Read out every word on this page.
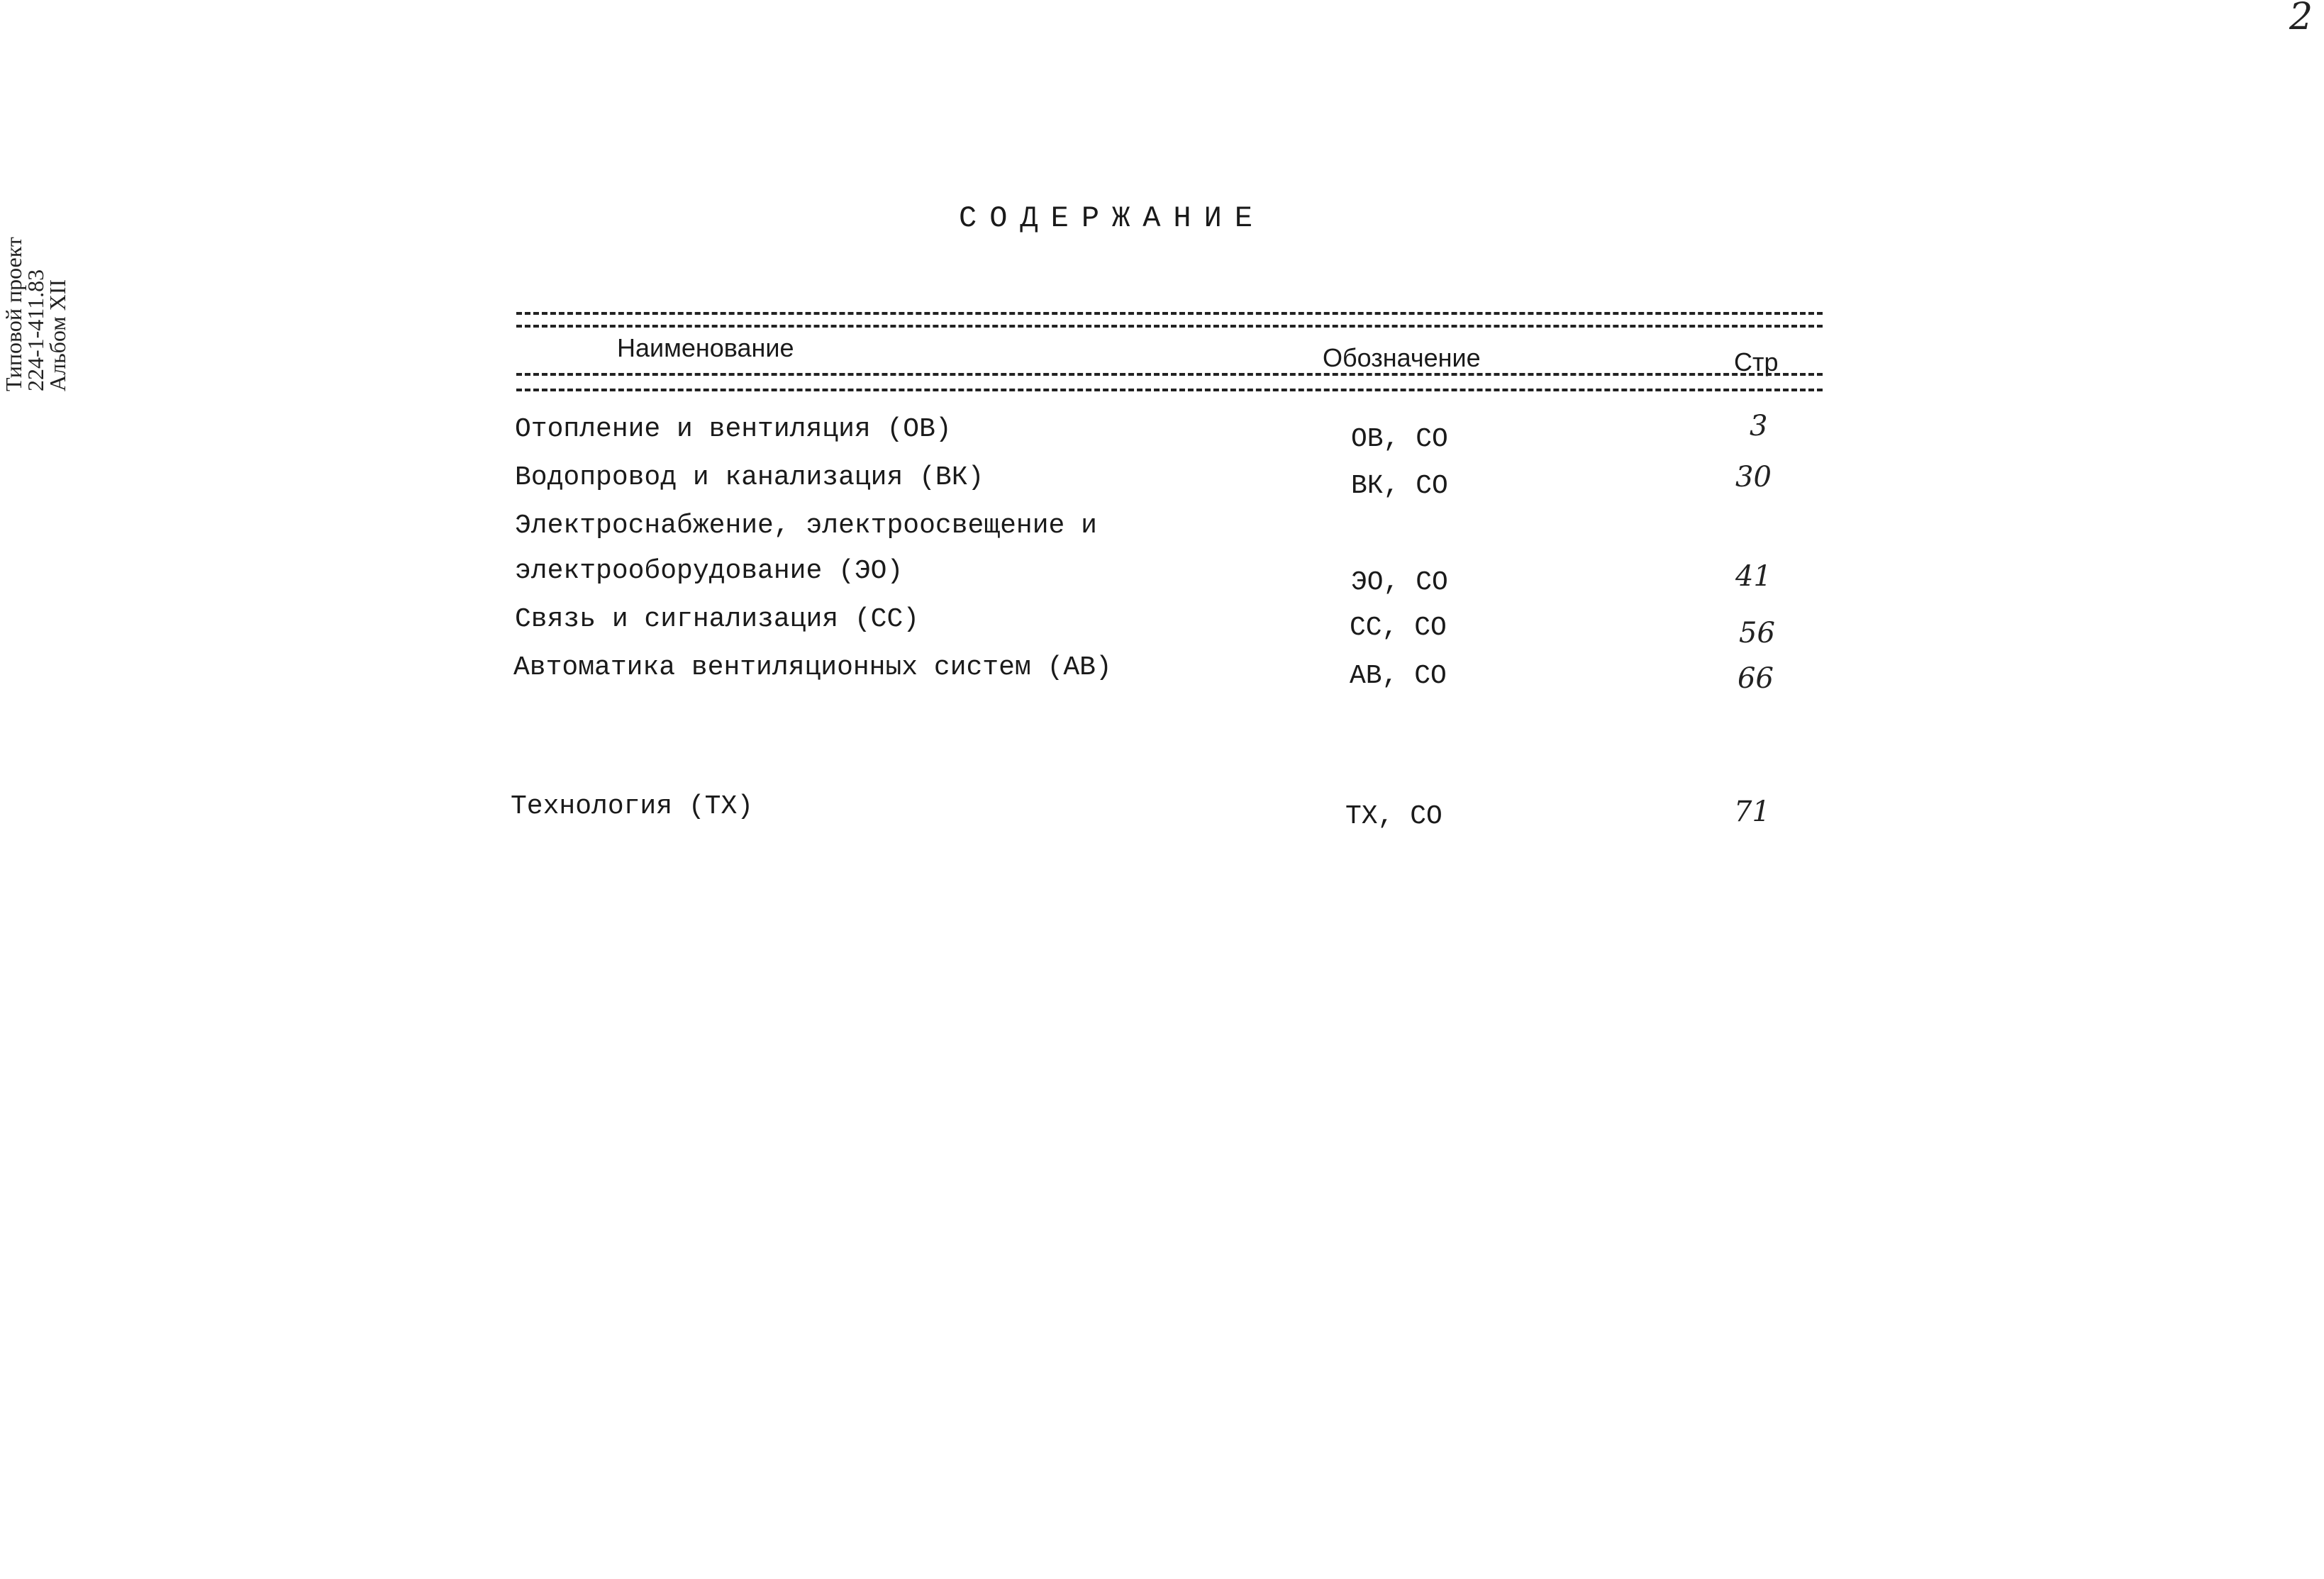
2
Типовой проект
224-1-411.83
Альбом XII
СОДЕРЖАНИЕ
Наименование	Обозначение	Стр
Отопление и вентиляция (ОВ)	ОВ, СО	3
Водопровод и канализация (ВК)	ВК, СО	30
Электроснабжение, электроосвещение и
электрооборудование (ЭО)	ЭО, СО	41
Связь и сигнализация (СС)	СС, СО	56
Автоматика вентиляционных систем (АВ)	АВ, СО	66
Технология (ТХ)	ТХ, СО	71
